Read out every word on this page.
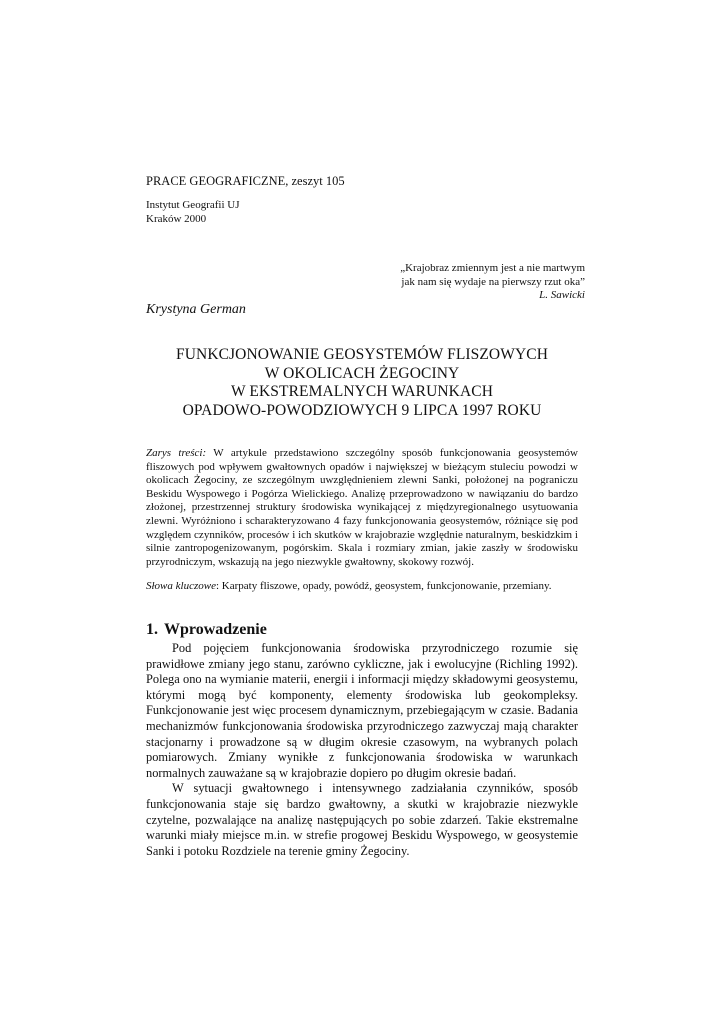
PRACE GEOGRAFICZNE, zeszyt 105
Instytut Geografii UJ
Kraków 2000
„Krajobraz zmiennym jest a nie martwym
jak nam się wydaje na pierwszy rzut oka”
L. Sawicki
Krystyna German
FUNKCJONOWANIE GEOSYSTEMÓW FLISZOWYCH
W OKOLICACH ŻEGOCINY
W EKSTREMALNYCH WARUNKACH
OPADOWO-POWODZIOWYCH 9 LIPCA 1997 ROKU

Zarys treści: W artykule przedstawiono szczególny sposób funkcjonowania geosystemów fliszowych pod wpływem gwałtownych opadów i największej w bieżącym stuleciu powodzi w okolicach Żegociny, ze szczególnym uwzględnieniem zlewni Sanki, położonej na pograniczu Beskidu Wyspowego i Pogórza Wielickiego. Analizę przeprowadzono w nawiązaniu do bardzo złożonej, przestrzennej struktury środowiska wynikającej z międzyregionalnego usytuowania zlewni. Wyróżniono i scharakteryzowano 4 fazy funkcjonowania geosystemów, różniące się pod względem czynników, procesów i ich skutków w krajobrazie względnie naturalnym, beskidzkim i silnie zantropogenizowanym, pogórskim. Skala i rozmiary zmian, jakie zaszły w środowisku przyrodniczym, wskazują na jego niezwykle gwałtowny, skokowy rozwój.

Słowa kluczowe: Karpaty fliszowe, opady, powódź, geosystem, funkcjonowanie, przemiany.

1. Wprowadzenie

Pod pojęciem funkcjonowania środowiska przyrodniczego rozumie się prawidłowe zmiany jego stanu, zarówno cykliczne, jak i ewolucyjne (Richling 1992). Polega ono na wymianie materii, energii i informacji między składowymi geosystemu, którymi mogą być komponenty, elementy środowiska lub geokompleksy. Funkcjonowanie jest więc procesem dynamicznym, przebiegającym w czasie. Badania mechanizmów funkcjonowania środowiska przyrodniczego zazwyczaj mają charakter stacjonarny i prowadzone są w długim okresie czasowym, na wybranych polach pomiarowych. Zmiany wynikłe z funkcjonowania środowiska w warunkach normalnych zauważane są w krajobrazie dopiero po długim okresie badań.

W sytuacji gwałtownego i intensywnego zadziałania czynników, sposób funkcjonowania staje się bardzo gwałtowny, a skutki w krajobrazie niezwykle czytelne, pozwalające na analizę następujących po sobie zdarzeń. Takie ekstremalne warunki miały miejsce m.in. w strefie progowej Beskidu Wyspowego, w geosystemie Sanki i potoku Rozdziele na terenie gminy Żegociny.
